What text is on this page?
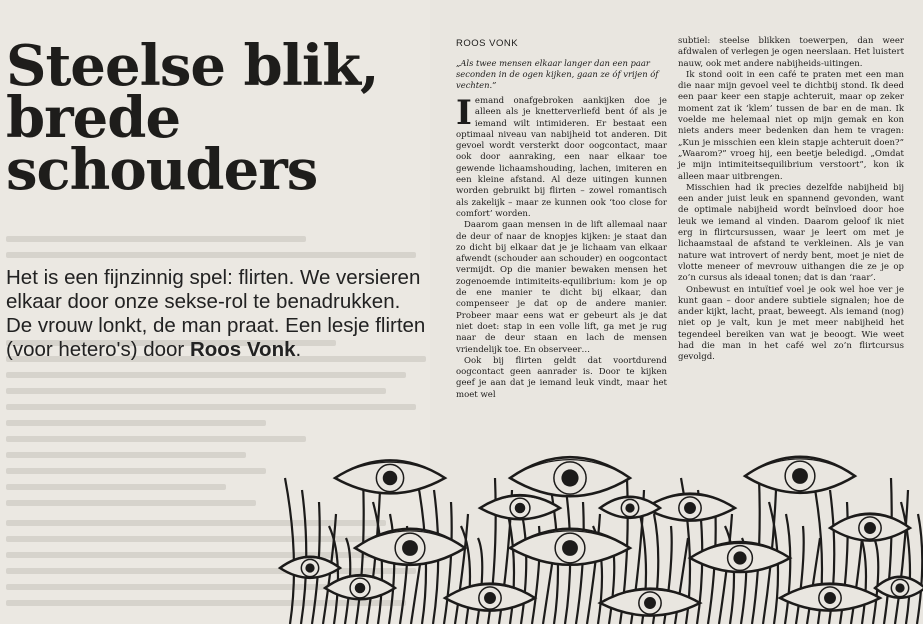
Steelse blik,
brede
schouders
Het is een fijnzinnig spel: flirten. We versieren elkaar door onze sekse-rol te benadrukken. De vrouw lonkt, de man praat. Een lesje flirten (voor hetero's) door Roos Vonk.
ROOS VONK
„Als twee mensen elkaar langer dan een paar seconden in de ogen kijken, gaan ze óf vrijen óf vechten.”

Iemand onafgebroken aankijken doe je alleen als je knetterverliefd bent óf als je iemand wilt intimideren. Er bestaat een optimaal niveau van nabijheid tot anderen. Dit gevoel wordt versterkt door oogcontact, maar ook door aanraking, een naar elkaar toe gewende lichaamshouding, lachen, imiteren en een kleine afstand. Al deze uitingen kunnen worden gebruikt bij flirten – zowel romantisch als zakelijk – maar ze kunnen ook ‘too close for comfort’ worden.

Daarom gaan mensen in de lift allemaal naar de deur of naar de knopjes kijken: je staat dan zo dicht bij elkaar dat je je lichaam van elkaar afwendt (schouder aan schouder) en oogcontact vermijdt. Op die manier bewaken mensen het zogenoemde intimiteits-equilibrium: kom je op de ene manier te dicht bij elkaar, dan compenseer je dat op de andere manier. Probeer maar eens wat er gebeurt als je dat niet doet: stap in een volle lift, ga met je rug naar de deur staan en lach de mensen vriendelijk toe. En observeer…

Ook bij flirten geldt dat voortdurend oogcontact geen aanrader is. Door te kijken geef je aan dat je iemand leuk vindt, maar het moet wel

subtiel: steelse blikken toewerpen, dan weer afdwalen of verlegen je ogen neerslaan. Het luistert nauw, ook met andere nabijheids-uitingen.

Ik stond ooit in een café te praten met een man die naar mijn gevoel veel te dichtbij stond. Ik deed een paar keer een stapje achteruit, maar op zeker moment zat ik ‘klem’ tussen de bar en de man. Ik voelde me helemaal niet op mijn gemak en kon niets anders meer bedenken dan hem te vragen: „Kun je misschien een klein stapje achteruit doen?” „Waarom?” vroeg hij, een beetje beledigd. „Omdat je mijn intimiteitsequilibrium verstoort”, kon ik alleen maar uitbrengen.

Misschien had ik precies dezelfde nabijheid bij een ander juist leuk en spannend gevonden, want de optimale nabijheid wordt beïnvloed door hoe leuk we iemand al vinden. Daarom geloof ik niet erg in flirtcursussen, waar je leert om met je lichaamstaal de afstand te verkleinen. Als je van nature wat introvert of nerdy bent, moet je niet de vlotte meneer of mevrouw uithangen die ze je op zo’n cursus als ideaal tonen; dat is dan ‘raar’.

Onbewust en intuïtief voel je ook wel hoe ver je kunt gaan – door andere subtiele signalen; hoe de ander kijkt, lacht, praat, beweegt. Als iemand (nog) niet op je valt, kun je met meer nabijheid het tegendeel bereiken van wat je beoogt. Wie weet had die man in het café wel zo’n flirtcursus gevolgd.
